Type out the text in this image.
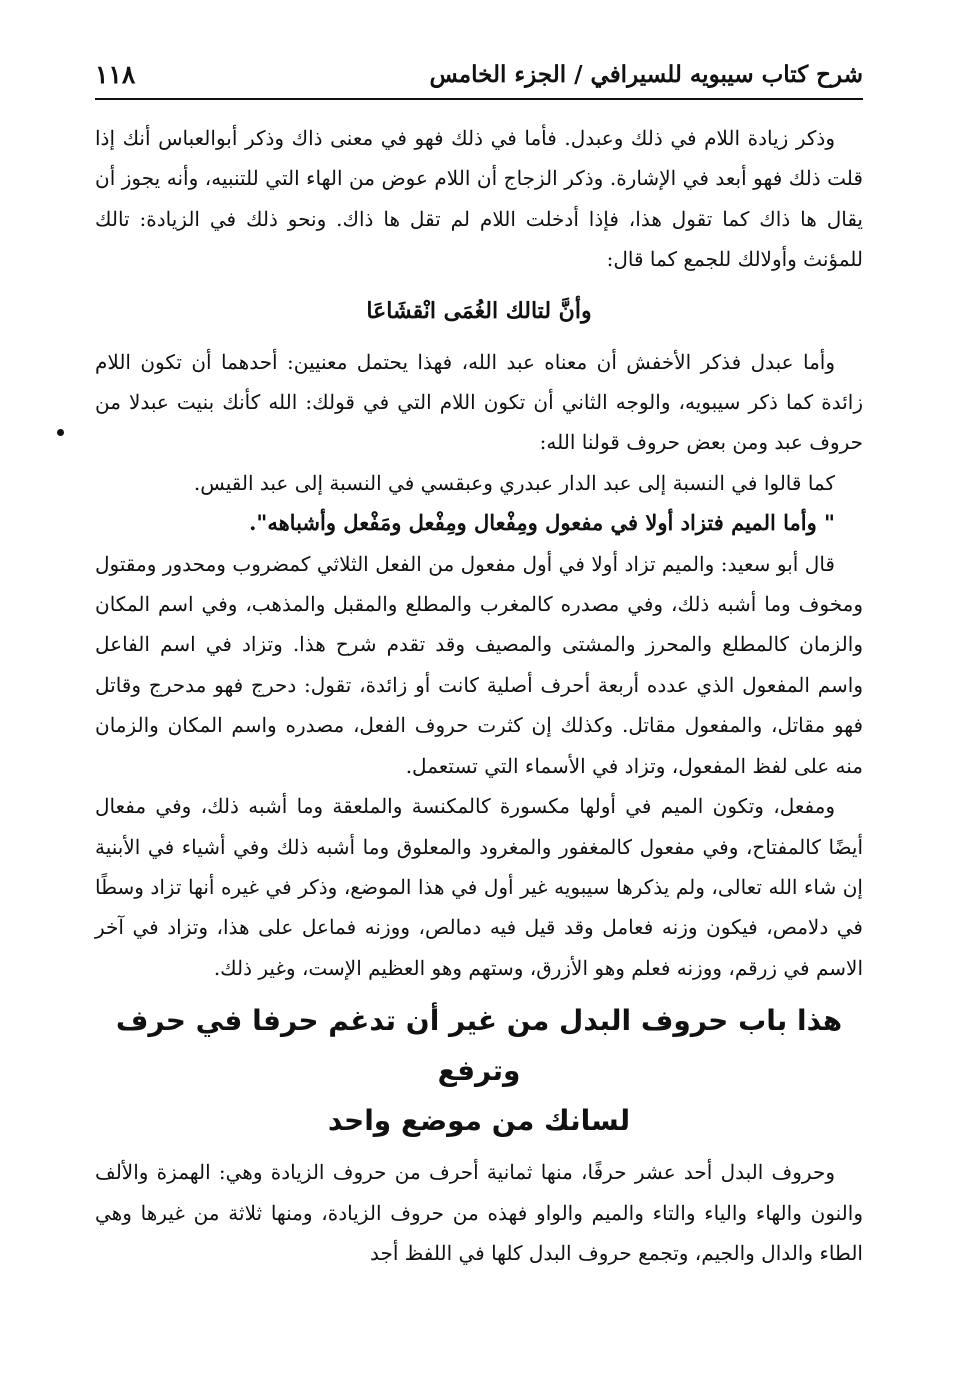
شرح كتاب سيبويه للسيرافي / الجزء الخامس
١١٨

وذكر زيادة اللام في ذلك وعبدل. فأما في ذلك فهو في معنى ذاك وذكر أبوالعباس أنك إذا قلت ذلك فهو أبعد في الإشارة. وذكر الزجاج أن اللام عوض من الهاء التي للتنبيه، وأنه يجوز أن يقال ها ذاك كما تقول هذا، فإذا أدخلت اللام لم تقل ها ذاك. ونحو ذلك في الزيادة: تالك للمؤنث وأولالك للجمع كما قال:

وأنَّ لتالك الغُمَى انْقشَاعَا

وأما عبدل فذكر الأخفش أن معناه عبد الله، فهذا يحتمل معنيين: أحدهما أن تكون اللام زائدة كما ذكر سيبويه، والوجه الثاني أن تكون اللام التي في قولك: الله كأنك بنيت عبدلا من حروف عبد ومن بعض حروف قولنا الله:

كما قالوا في النسبة إلى عبد الدار عبدري وعبقسي في النسبة إلى عبد القيس.

" وأما الميم فتزاد أولا في مفعول ومِفْعال ومِفْعل ومَفْعل وأشباهه".

قال أبو سعيد: والميم تزاد أولا في أول مفعول من الفعل الثلاثي كمضروب ومحدور ومقتول ومخوف وما أشبه ذلك، وفي مصدره كالمغرب والمطلع والمقبل والمذهب، وفي اسم المكان والزمان كالمطلع والمحرز والمشتى والمصيف وقد تقدم شرح هذا. وتزاد في اسم الفاعل واسم المفعول الذي عدده أربعة أحرف أصلية كانت أو زائدة، تقول: دحرج فهو مدحرج وقاتل فهو مقاتل، والمفعول مقاتل. وكذلك إن كثرت حروف الفعل، مصدره واسم المكان والزمان منه على لفظ المفعول، وتزاد في الأسماء التي تستعمل.

ومفعل، وتكون الميم في أولها مكسورة كالمكنسة والملعقة وما أشبه ذلك، وفي مفعال أيضًا كالمفتاح، وفي مفعول كالمغفور والمغرود والمعلوق وما أشبه ذلك وفي أشياء في الأبنية إن شاء الله تعالى، ولم يذكرها سيبويه غير أول في هذا الموضع، وذكر في غيره أنها تزاد وسطًا في دلامص، فيكون وزنه فعامل وقد قيل فيه دمالص، ووزنه فماعل على هذا، وتزاد في آخر الاسم في زرقم، ووزنه فعلم وهو الأزرق، وستهم وهو العظيم الإست، وغير ذلك.

هذا باب حروف البدل من غير أن تدغم حرفا في حرف وترفع
لسانك من موضع واحد

وحروف البدل أحد عشر حرفًا، منها ثمانية أحرف من حروف الزيادة وهي: الهمزة والألف والنون والهاء والياء والتاء والميم والواو فهذه من حروف الزيادة، ومنها ثلاثة من غيرها وهي الطاء والدال والجيم، وتجمع حروف البدل كلها في اللفظ أجد
